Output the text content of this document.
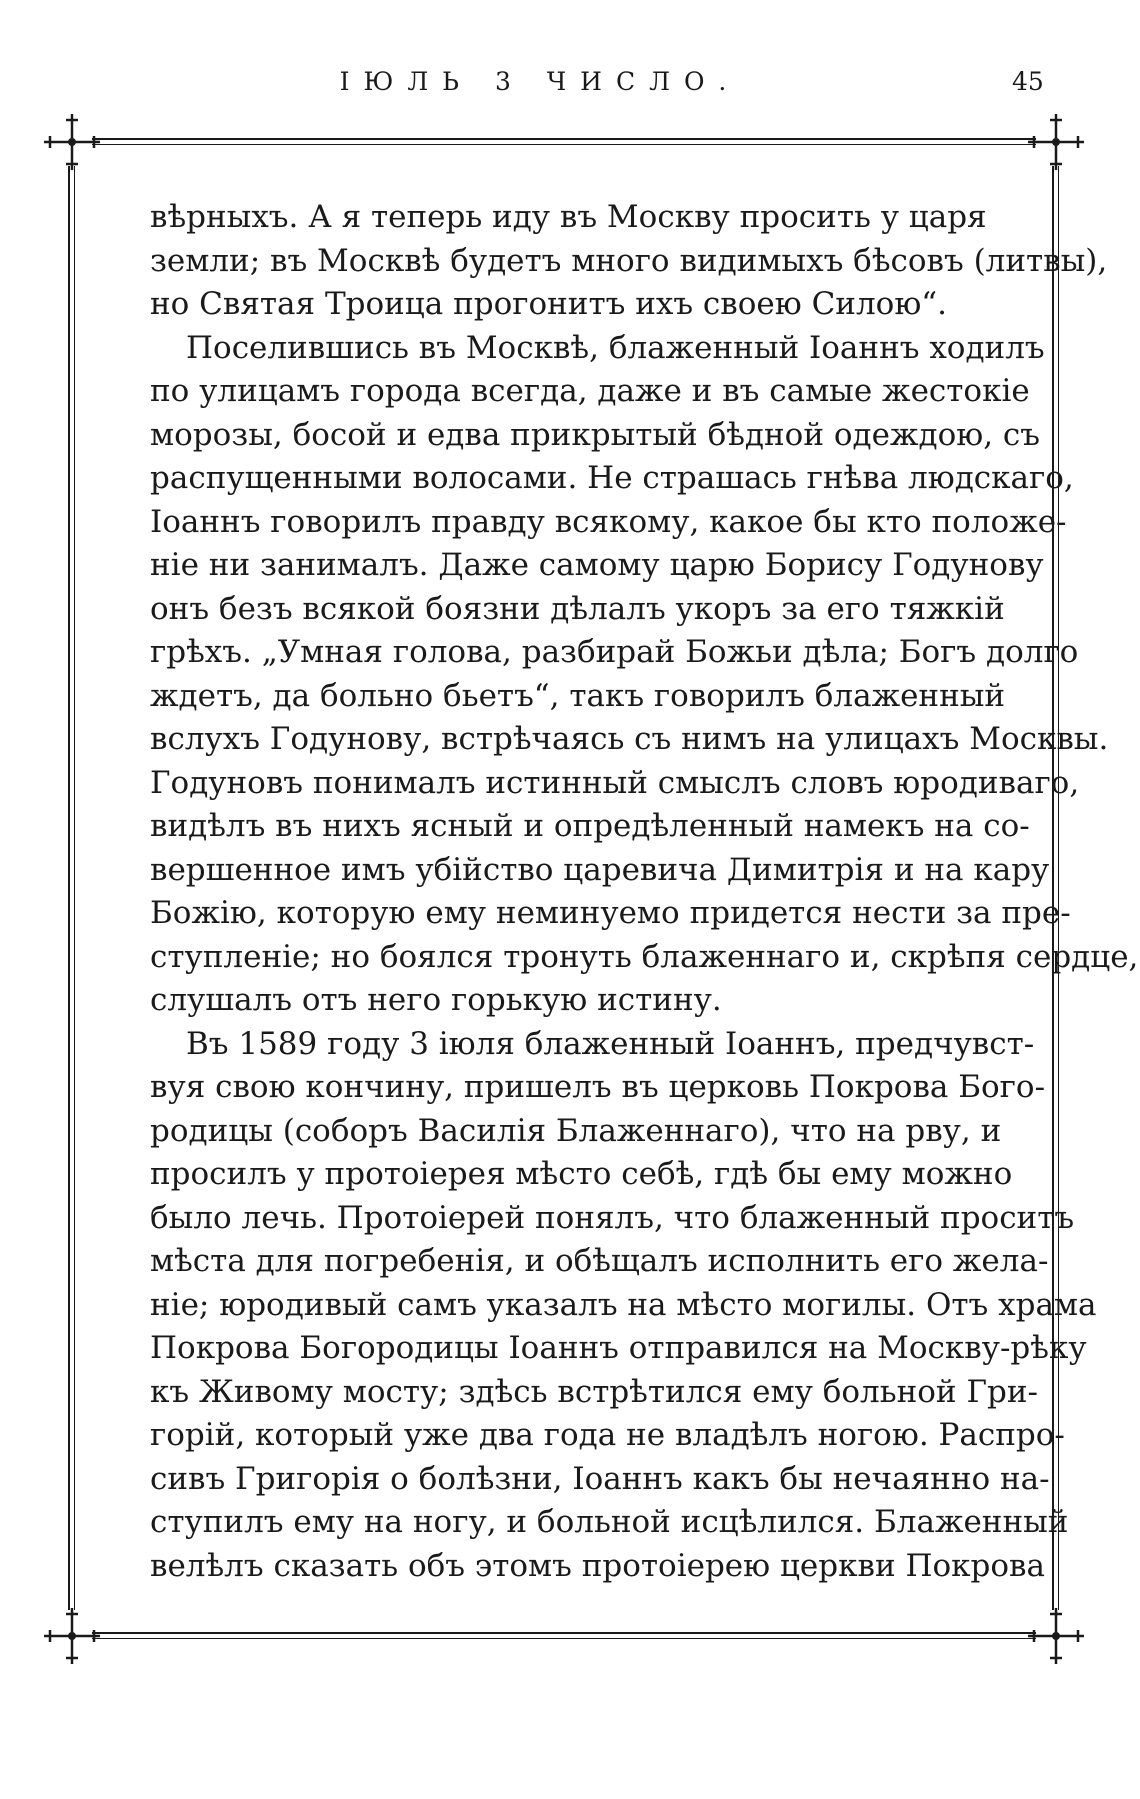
ІЮЛЬ 3 ЧИСЛО.	45
вѣрныхъ. А я теперь иду въ Москву просить у царя
земли; въ Москвѣ будетъ много видимыхъ бѣсовъ (литвы),
но Святая Троица прогонитъ ихъ своею Силою“.
Поселившись въ Москвѣ, блаженный Іоаннъ ходилъ
по улицамъ города всегда, даже и въ самые жестокіе
морозы, босой и едва прикрытый бѣдной одеждою, съ
распущенными волосами. Не страшась гнѣва людскаго,
Іоаннъ говорилъ правду всякому, какое бы кто положе-
ніе ни занималъ. Даже самому царю Борису Годунову
онъ безъ всякой боязни дѣлалъ укоръ за его тяжкій
грѣхъ. „Умная голова, разбирай Божьи дѣла; Богъ долго
ждетъ, да больно бьетъ“, такъ говорилъ блаженный
вслухъ Годунову, встрѣчаясь съ нимъ на улицахъ Москвы.
Годуновъ понималъ истинный смыслъ словъ юродиваго,
видѣлъ въ нихъ ясный и опредѣленный намекъ на со-
вершенное имъ убійство царевича Димитрія и на кару
Божію, которую ему неминуемо придется нести за пре-
ступленіе; но боялся тронуть блаженнаго и, скрѣпя сердце,
слушалъ отъ него горькую истину.
Въ 1589 году 3 іюля блаженный Іоаннъ, предчувст-
вуя свою кончину, пришелъ въ церковь Покрова Бого-
родицы (соборъ Василія Блаженнаго), что на рву, и
просилъ у протоіерея мѣсто себѣ, гдѣ бы ему можно
было лечь. Протоіерей понялъ, что блаженный проситъ
мѣста для погребенія, и обѣщалъ исполнить его жела-
ніе; юродивый самъ указалъ на мѣсто могилы. Отъ храма
Покрова Богородицы Іоаннъ отправился на Москву-рѣку
къ Живому мосту; здѣсь встрѣтился ему больной Гри-
горій, который уже два года не владѣлъ ногою. Распро-
сивъ Григорія о болѣзни, Іоаннъ какъ бы нечаянно на-
ступилъ ему на ногу, и больной исцѣлился. Блаженный
велѣлъ сказать объ этомъ протоіерею церкви Покрова
